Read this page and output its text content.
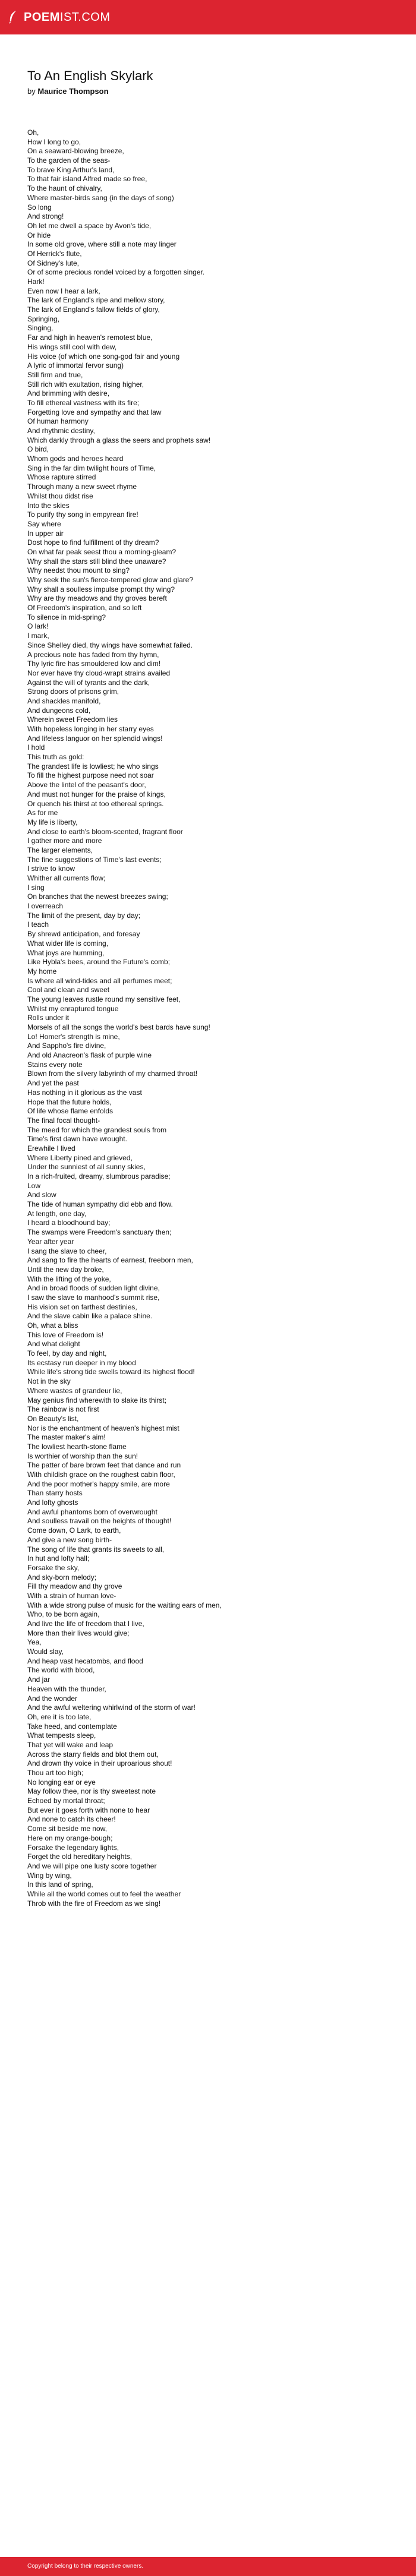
POEM IST.COM
To An English Skylark
by Maurice Thompson
Oh,
How I long to go,
On a seaward-blowing breeze,
To the garden of the seas-
To brave King Arthur's land,
To that fair island Alfred made so free,
To the haunt of chivalry,
Where master-birds sang (in the days of song)
So long
And strong!
Oh let me dwell a space by Avon's tide,
Or hide
In some old grove, where still a note may linger
Of Herrick's flute,
Of Sidney's lute,
Or of some precious rondel voiced by a forgotten singer.
Hark!
Even now I hear a lark,
The lark of England's ripe and mellow story,
The lark of England's fallow fields of glory,
Springing,
Singing,
Far and high in heaven's remotest blue,
His wings still cool with dew,
His voice (of which one song-god fair and young
A lyric of immortal fervor sung)
Still firm and true,
Still rich with exultation, rising higher,
And brimming with desire,
To fill ethereal vastness with its fire;
Forgetting love and sympathy and that law
Of human harmony
And rhythmic destiny,
Which darkly through a glass the seers and prophets saw!
O bird,
Whom gods and heroes heard
Sing in the far dim twilight hours of Time,
Whose rapture stirred
Through many a new sweet rhyme
Whilst thou didst rise
Into the skies
To purify thy song in empyrean fire!
Say where
In upper air
Dost hope to find fulfillment of thy dream?
On what far peak seest thou a morning-gleam?
Why shall the stars still blind thee unaware?
Why needst thou mount to sing?
Why seek the sun's fierce-tempered glow and glare?
Why shall a soulless impulse prompt thy wing?
Why are thy meadows and thy groves bereft
Of Freedom's inspiration, and so left
To silence in mid-spring?
O lark!
I mark,
Since Shelley died, thy wings have somewhat failed.
A precious note has faded from thy hymn,
Thy lyric fire has smouldered low and dim!
Nor ever have thy cloud-wrapt strains availed
Against the will of tyrants and the dark,
Strong doors of prisons grim,
And shackles manifold,
And dungeons cold,
Wherein sweet Freedom lies
With hopeless longing in her starry eyes
And lifeless languor on her splendid wings!
I hold
This truth as gold:
The grandest life is lowliest; he who sings
To fill the highest purpose need not soar
Above the lintel of the peasant's door,
And must not hunger for the praise of kings,
Or quench his thirst at too ethereal springs.
As for me
My life is liberty,
And close to earth's bloom-scented, fragrant floor
I gather more and more
The larger elements,
The fine suggestions of Time's last events;
I strive to know
Whither all currents flow;
I sing
On branches that the newest breezes swing;
I overreach
The limit of the present, day by day;
I teach
By shrewd anticipation, and foresay
What wider life is coming,
What joys are humming,
Like Hybla's bees, around the Future's comb;
My home
Is where all wind-tides and all perfumes meet;
Cool and clean and sweet
The young leaves rustle round my sensitive feet,
Whilst my enraptured tongue
Rolls under it
Morsels of all the songs the world's best bards have sung!
Lo! Homer's strength is mine,
And Sappho's fire divine,
And old Anacreon's flask of purple wine
Stains every note
Blown from the silvery labyrinth of my charmed throat!
And yet the past
Has nothing in it glorious as the vast
Hope that the future holds,
Of life whose flame enfolds
The final focal thought-
The meed for which the grandest souls from
Time's first dawn have wrought.
Erewhile I lived
Where Liberty pined and grieved,
Under the sunniest of all sunny skies,
In a rich-fruited, dreamy, slumbrous paradise;
Low
And slow
The tide of human sympathy did ebb and flow.
At length, one day,
I heard a bloodhound bay;
The swamps were Freedom's sanctuary then;
Year after year
I sang the slave to cheer,
And sang to fire the hearts of earnest, freeborn men,
Until the new day broke,
With the lifting of the yoke,
And in broad floods of sudden light divine,
I saw the slave to manhood's summit rise,
His vision set on farthest destinies,
And the slave cabin like a palace shine.
Oh, what a bliss
This love of Freedom is!
And what delight
To feel, by day and night,
Its ecstasy run deeper in my blood
While life's strong tide swells toward its highest flood!
Not in the sky
Where wastes of grandeur lie,
May genius find wherewith to slake its thirst;
The rainbow is not first
On Beauty's list,
Nor is the enchantment of heaven's highest mist
The master maker's aim!
The lowliest hearth-stone flame
Is worthier of worship than the sun!
The patter of bare brown feet that dance and run
With childish grace on the roughest cabin floor,
And the poor mother's happy smile, are more
Than starry hosts
And lofty ghosts
And awful phantoms born of overwrought
And soulless travail on the heights of thought!
Come down, O Lark, to earth,
And give a new song birth-
The song of life that grants its sweets to all,
In hut and lofty hall;
Forsake the sky,
And sky-born melody;
Fill thy meadow and thy grove
With a strain of human love-
With a wide strong pulse of music for the waiting ears of men,
Who, to be born again,
And live the life of freedom that I live,
More than their lives would give;
Yea,
Would slay,
And heap vast hecatombs, and flood
The world with blood,
And jar
Heaven with the thunder,
And the wonder
And the awful weltering whirlwind of the storm of war!
Oh, ere it is too late,
Take heed, and contemplate
What tempests sleep,
That yet will wake and leap
Across the starry fields and blot them out,
And drown thy voice in their uproarious shout!
Thou art too high;
No longing ear or eye
May follow thee, nor is thy sweetest note
Echoed by mortal throat;
But ever it goes forth with none to hear
And none to catch its cheer!
Come sit beside me now,
Here on my orange-bough;
Forsake the legendary lights,
Forget the old hereditary heights,
And we will pipe one lusty score together
Wing by wing,
In this land of spring,
While all the world comes out to feel the weather
Throb with the fire of Freedom as we sing!
Copyright belong to their respective owners.
